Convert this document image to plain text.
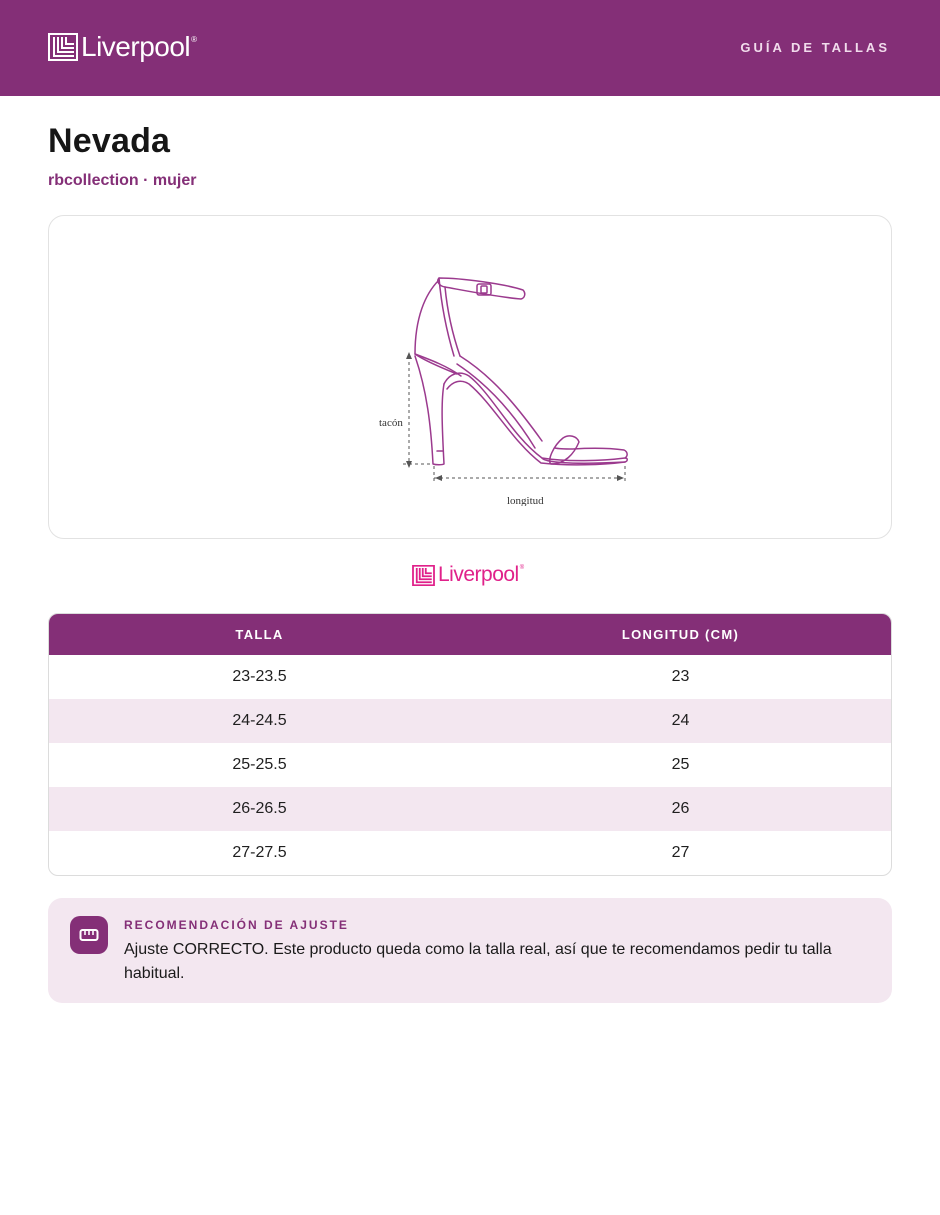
Liverpool ®
GUÍA DE TALLAS
Nevada
rbcollection · mujer
tacón
longitud
Liverpool ®
TALLA	LONGITUD (CM)
23-23.5	23
24-24.5	24
25-25.5	25
26-26.5	26
27-27.5	27
RECOMENDACIÓN DE AJUSTE

Ajuste CORRECTO. Este producto queda como la talla real, así que te recomendamos pedir tu talla habitual.
